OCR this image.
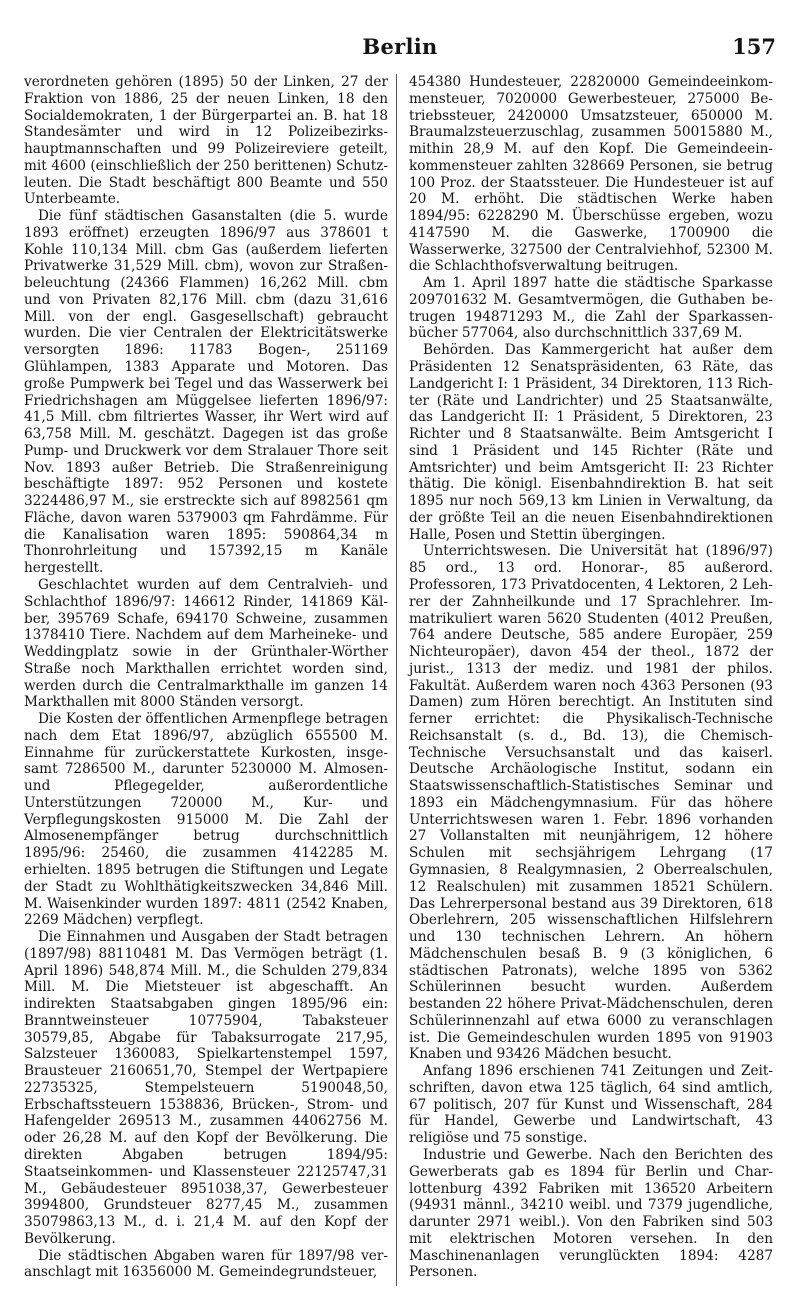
Berlin	157

verordneten gehören (1895) 50 der Linken, 27 der Fraktion von 1886, 25 der neuen Linken, 18 den Socialdemokraten, 1 der Bürgerpartei an. B. hat 18 Standesämter und wird in 12 Polizeibezirkshauptmannschaften und 99 Polizeireviere geteilt, mit 4600 (einschließlich der 250 berittenen) Schutzleuten. Die Stadt beschäftigt 800 Beamte und 550 Unterbeamte.

Die fünf städtischen Gasanstalten (die 5. wurde 1893 eröffnet) erzeugten 1896/97 aus 378601 t Kohle 110,134 Mill. cbm Gas (außerdem lieferten Privatwerke 31,529 Mill. cbm), wovon zur Straßenbeleuchtung (24366 Flammen) 16,262 Mill. cbm und von Privaten 82,176 Mill. cbm (dazu 31,616 Mill. von der engl. Gasgesellschaft) gebraucht wurden. Die vier Centralen der Elektricitätswerke versorgten 1896: 11783 Bogen-, 251169 Glühlampen, 1383 Apparate und Motoren. Das große Pumpwerk bei Tegel und das Wasserwerk bei Friedrichshagen am Müggelsee lieferten 1896/97: 41,5 Mill. cbm filtriertes Wasser, ihr Wert wird auf 63,758 Mill. M. geschätzt. Dagegen ist das große Pump- und Druckwerk vor dem Stralauer Thore seit Nov. 1893 außer Betrieb. Die Straßenreinigung beschäftigte 1897: 952 Personen und kostete 3224486,97 M., sie erstreckte sich auf 8982561 qm Fläche, davon waren 5379003 qm Fahrdämme. Für die Kanalisation waren 1895: 590864,34 m Thonrohrleitung und 157392,15 m Kanäle hergestellt.

Geschlachtet wurden auf dem Centralvieh- und Schlachthof 1896/97: 146612 Rinder, 141869 Kälber, 395769 Schafe, 694170 Schweine, zusammen 1378410 Tiere. Nachdem auf dem Marheineke- und Weddingplatz sowie in der Grünthaler-Wörther Straße noch Markthallen errichtet worden sind, werden durch die Centralmarkthalle im ganzen 14 Markthallen mit 8000 Ständen versorgt.

Die Kosten der öffentlichen Armenpflege betragen nach dem Etat 1896/97, abzüglich 655500 M. Einnahme für zurückerstattete Kurkosten, insgesamt 7286500 M., darunter 5230000 M. Almosen- und Pflegegelder, außerordentliche Unterstützungen 720000 M., Kur- und Verpflegungskosten 915000 M. Die Zahl der Almosenempfänger betrug durchschnittlich 1895/96: 25460, die zusammen 4142285 M. erhielten. 1895 betrugen die Stiftungen und Legate der Stadt zu Wohlthätigkeitszwecken 34,846 Mill. M. Waisenkinder wurden 1897: 4811 (2542 Knaben, 2269 Mädchen) verpflegt.

Die Einnahmen und Ausgaben der Stadt betragen (1897/98) 88110481 M. Das Vermögen beträgt (1. April 1896) 548,874 Mill. M., die Schulden 279,834 Mill. M. Die Mietsteuer ist abgeschafft. An indirekten Staatsabgaben gingen 1895/96 ein: Branntweinsteuer 10775904, Tabaksteuer 30579,85, Abgabe für Tabaksurrogate 217,95, Salzsteuer 1360083, Spielkartenstempel 1597, Brausteuer 2160651,70, Stempel der Wertpapiere 22735325, Stempelsteuern 5190048,50, Erbschaftssteuern 1538836, Brücken-, Strom- und Hafengelder 269513 M., zusammen 44062756 M. oder 26,28 M. auf den Kopf der Bevölkerung. Die direkten Abgaben betrugen 1894/95: Staatseinkommen- und Klassensteuer 22125747,31 M., Gebäudesteuer 8951038,37, Gewerbesteuer 3994800, Grundsteuer 8277,45 M., zusammen 35079863,13 M., d. i. 21,4 M. auf den Kopf der Bevölkerung.

Die städtischen Abgaben waren für 1897/98 veranschlagt mit 16356000 M. Gemeindegrundsteuer,

454380 Hundesteuer, 22820000 Gemeindeeinkommensteuer, 7020000 Gewerbesteuer, 275000 Betriebssteuer, 2420000 Umsatzsteuer, 650000 M. Braumalzsteuerzuschlag, zusammen 50015880 M., mithin 28,9 M. auf den Kopf. Die Gemeindeeinkommensteuer zahlten 328669 Personen, sie betrug 100 Proz. der Staatssteuer. Die Hundesteuer ist auf 20 M. erhöht. Die städtischen Werke haben 1894/95: 6228290 M. Überschüsse ergeben, wozu 4147590 M. die Gaswerke, 1700900 die Wasserwerke, 327500 der Centralviehhof, 52300 M. die Schlachthofsverwaltung beitrugen.

Am 1. April 1897 hatte die städtische Sparkasse 209701632 M. Gesamtvermögen, die Guthaben betrugen 194871293 M., die Zahl der Sparkassenbücher 577064, also durchschnittlich 337,69 M.

Behörden. Das Kammergericht hat außer dem Präsidenten 12 Senatspräsidenten, 63 Räte, das Landgericht I: 1 Präsident, 34 Direktoren, 113 Richter (Räte und Landrichter) und 25 Staatsanwälte, das Landgericht II: 1 Präsident, 5 Direktoren, 23 Richter und 8 Staatsanwälte. Beim Amtsgericht I sind 1 Präsident und 145 Richter (Räte und Amtsrichter) und beim Amtsgericht II: 23 Richter thätig. Die königl. Eisenbahndirektion B. hat seit 1895 nur noch 569,13 km Linien in Verwaltung, da der größte Teil an die neuen Eisenbahndirektionen Halle, Posen und Stettin übergingen.

Unterrichtswesen. Die Universität hat (1896/97) 85 ord., 13 ord. Honorar-, 85 außerord. Professoren, 173 Privatdocenten, 4 Lektoren, 2 Lehrer der Zahnheilkunde und 17 Sprachlehrer. Immatrikuliert waren 5620 Studenten (4012 Preußen, 764 andere Deutsche, 585 andere Europäer, 259 Nichteuropäer), davon 454 der theol., 1872 der jurist., 1313 der mediz. und 1981 der philos. Fakultät. Außerdem waren noch 4363 Personen (93 Damen) zum Hören berechtigt. An Instituten sind ferner errichtet: die Physikalisch-Technische Reichsanstalt (s. d., Bd. 13), die Chemisch-Technische Versuchsanstalt und das kaiserl. Deutsche Archäologische Institut, sodann ein Staatswissenschaftlich-Statistisches Seminar und 1893 ein Mädchengymnasium. Für das höhere Unterrichtswesen waren 1. Febr. 1896 vorhanden 27 Vollanstalten mit neunjährigem, 12 höhere Schulen mit sechsjährigem Lehrgang (17 Gymnasien, 8 Realgymnasien, 2 Oberrealschulen, 12 Realschulen) mit zusammen 18521 Schülern. Das Lehrerpersonal bestand aus 39 Direktoren, 618 Oberlehrern, 205 wissenschaftlichen Hilfslehrern und 130 technischen Lehrern. An höhern Mädchenschulen besaß B. 9 (3 königlichen, 6 städtischen Patronats), welche 1895 von 5362 Schülerinnen besucht wurden. Außerdem bestanden 22 höhere Privat-Mädchenschulen, deren Schülerinnenzahl auf etwa 6000 zu veranschlagen ist. Die Gemeindeschulen wurden 1895 von 91903 Knaben und 93426 Mädchen besucht.

Anfang 1896 erschienen 741 Zeitungen und Zeitschriften, davon etwa 125 täglich, 64 sind amtlich, 67 politisch, 207 für Kunst und Wissenschaft, 284 für Handel, Gewerbe und Landwirtschaft, 43 religiöse und 75 sonstige.

Industrie und Gewerbe. Nach den Berichten des Gewerberats gab es 1894 für Berlin und Charlottenburg 4392 Fabriken mit 136520 Arbeitern (94931 männl., 34210 weibl. und 7379 jugendliche, darunter 2971 weibl.). Von den Fabriken sind 503 mit elektrischen Motoren versehen. In den Maschinenanlagen verunglückten 1894: 4287 Personen.
